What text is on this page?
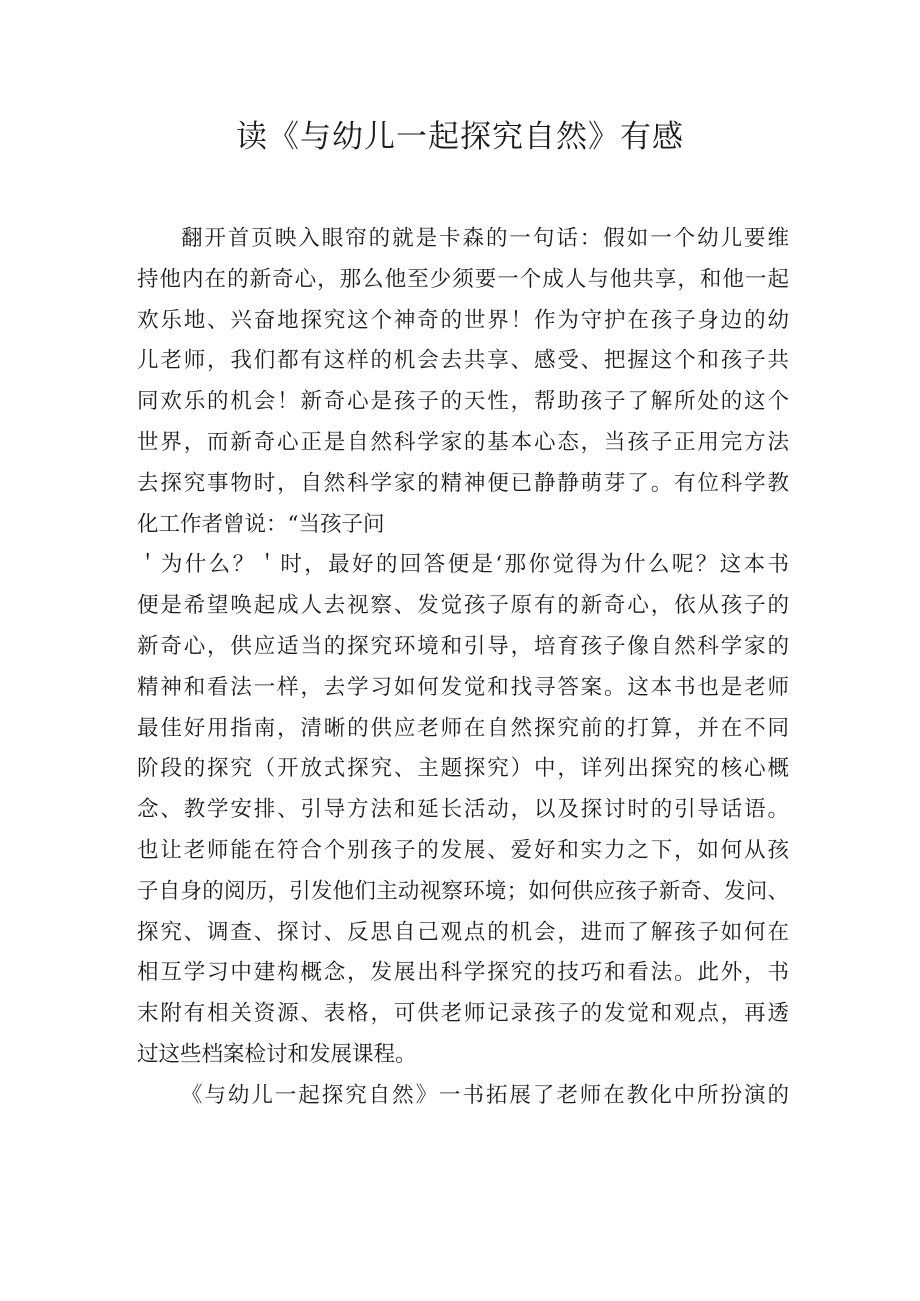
读《与幼儿一起探究自然》有感
翻开首页映入眼帘的就是卡森的一句话：假如一个幼儿要维
持他内在的新奇心，那么他至少须要一个成人与他共享，和他一起
欢乐地、兴奋地探究这个神奇的世界！作为守护在孩子身边的幼
儿老师，我们都有这样的机会去共享、感受、把握这个和孩子共
同欢乐的机会！新奇心是孩子的天性，帮助孩子了解所处的这个
世界，而新奇心正是自然科学家的基本心态，当孩子正用完方法
去探究事物时，自然科学家的精神便已静静萌芽了。有位科学教
化工作者曾说：“当孩子问
＇为什么？＇时，最好的回答便是‘那你觉得为什么呢？这本书
便是希望唤起成人去视察、发觉孩子原有的新奇心，依从孩子的
新奇心，供应适当的探究环境和引导，培育孩子像自然科学家的
精神和看法一样，去学习如何发觉和找寻答案。这本书也是老师
最佳好用指南，清晰的供应老师在自然探究前的打算，并在不同
阶段的探究（开放式探究、主题探究）中，详列出探究的核心概
念、教学安排、引导方法和延长活动，以及探讨时的引导话语。
也让老师能在符合个别孩子的发展、爱好和实力之下，如何从孩
子自身的阅历，引发他们主动视察环境；如何供应孩子新奇、发问、
探究、调查、探讨、反思自己观点的机会，进而了解孩子如何在
相互学习中建构概念，发展出科学探究的技巧和看法。此外，书
末附有相关资源、表格，可供老师记录孩子的发觉和观点，再透
过这些档案检讨和发展课程。
《与幼儿一起探究自然》一书拓展了老师在教化中所扮演的
